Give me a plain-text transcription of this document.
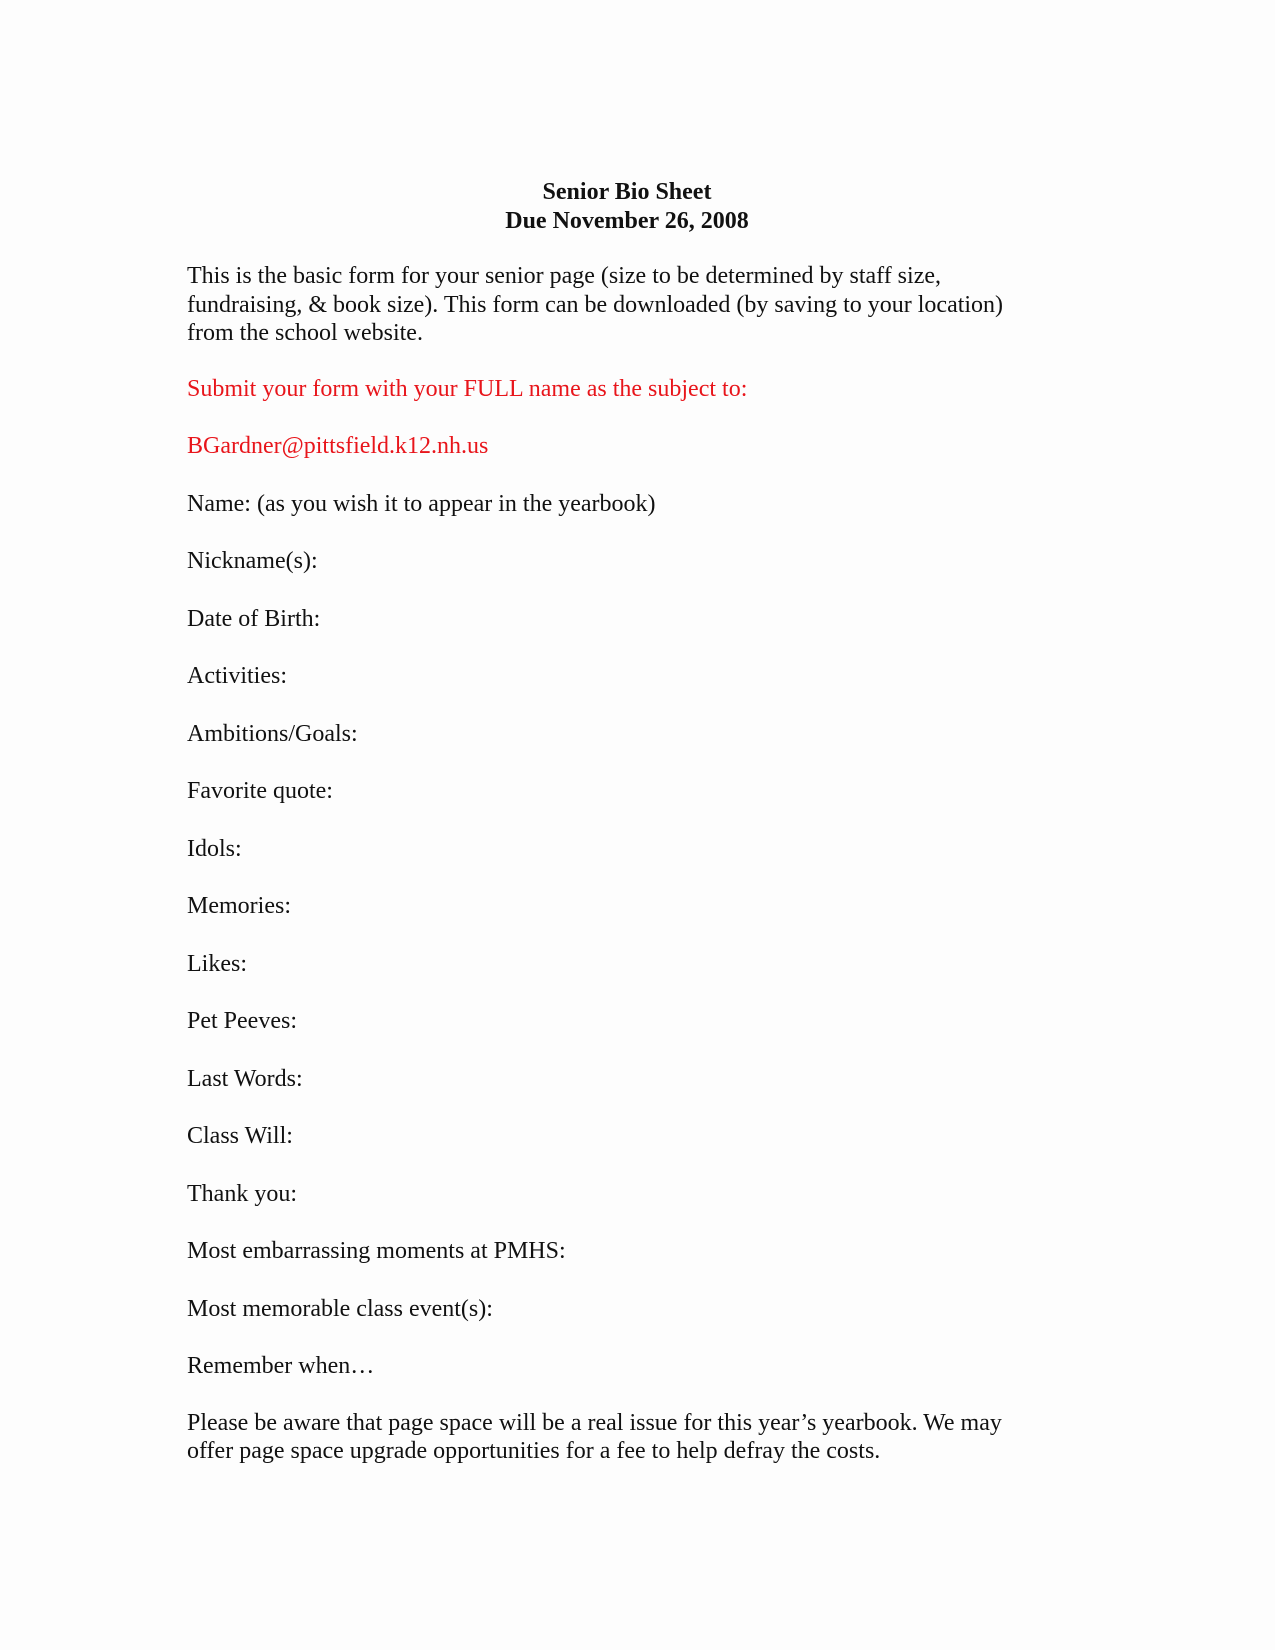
Senior Bio Sheet

Due November 26, 2008

This is the basic form for your senior page (size to be determined by staff size,
fundraising, & book size). This form can be downloaded (by saving to your location)
from the school website.

Submit your form with your FULL name as the subject to:

BGardner@pittsfield.k12.nh.us

Name: (as you wish it to appear in the yearbook)
Nickname(s):
Date of Birth:
Activities:
Ambitions/Goals:
Favorite quote:
Idols:
Memories:
Likes:
Pet Peeves:
Last Words:
Class Will:
Thank you:
Most embarrassing moments at PMHS:
Most memorable class event(s):
Remember when…
Please be aware that page space will be a real issue for this year’s yearbook. We may
offer page space upgrade opportunities for a fee to help defray the costs.
